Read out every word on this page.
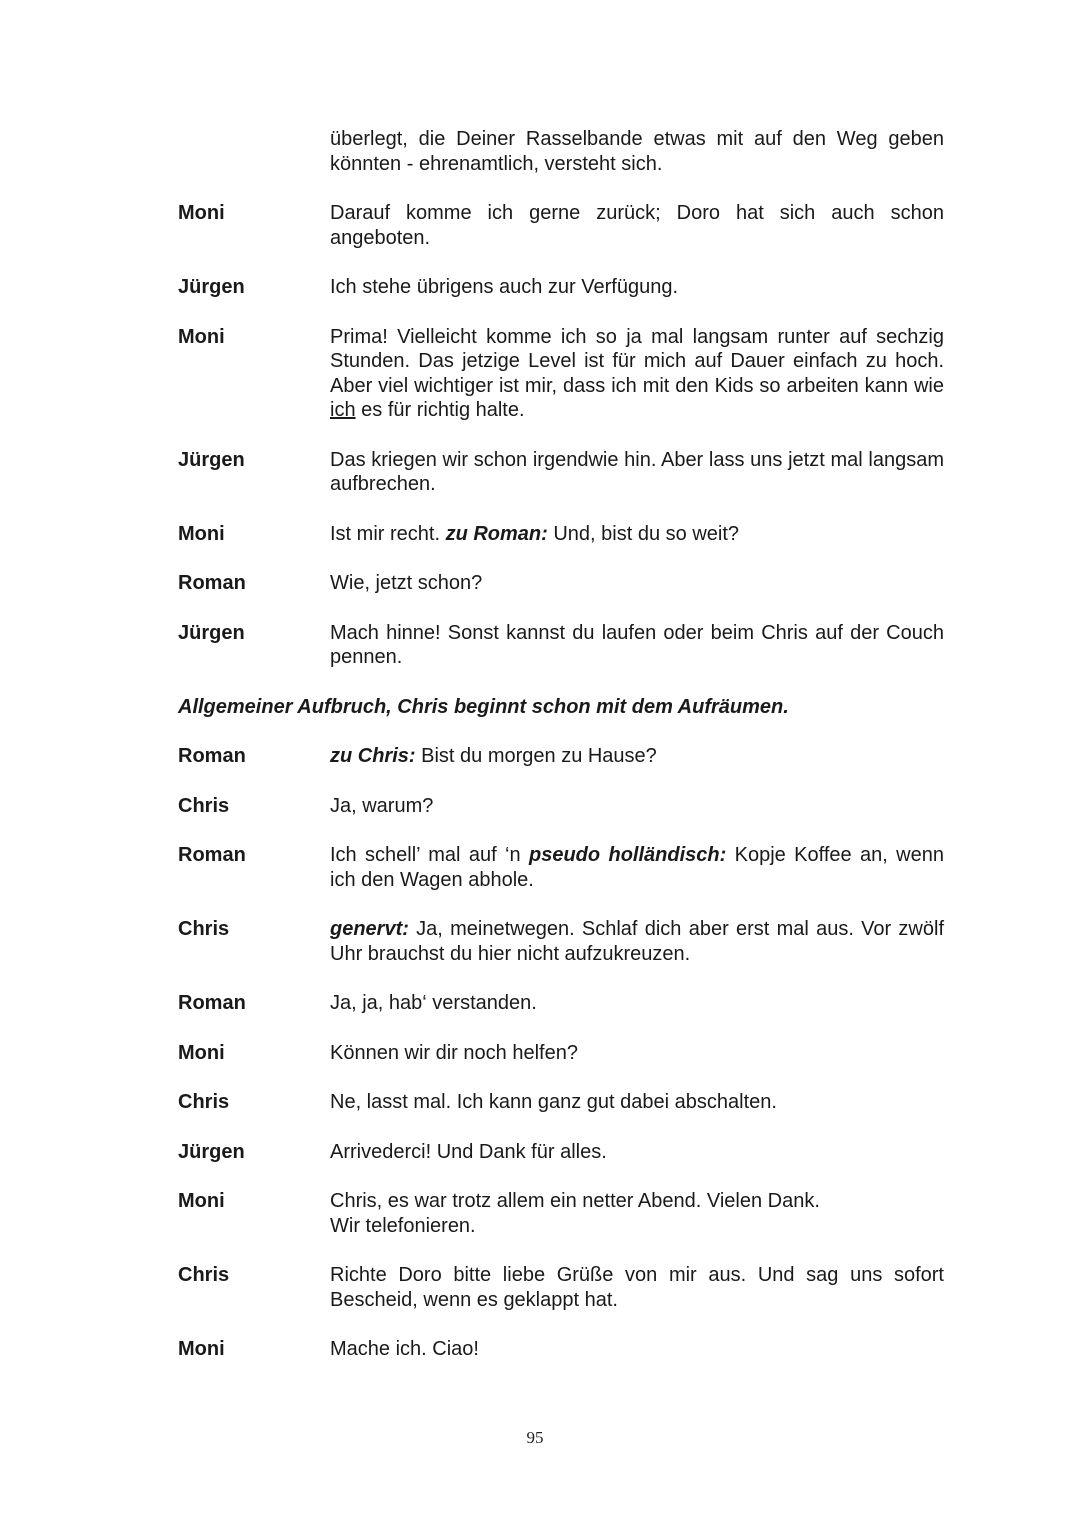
überlegt, die Deiner Rasselbande etwas mit auf den Weg geben könnten - ehrenamtlich, versteht sich.
Moni	Darauf komme ich gerne zurück; Doro hat sich auch schon angeboten.
Jürgen	Ich stehe übrigens auch zur Verfügung.
Moni	Prima! Vielleicht komme ich so ja mal langsam runter auf sechzig Stunden. Das jetzige Level ist für mich auf Dauer einfach zu hoch. Aber viel wichtiger ist mir, dass ich mit den Kids so arbeiten kann wie ich es für richtig halte.
Jürgen	Das kriegen wir schon irgendwie hin. Aber lass uns jetzt mal langsam aufbrechen.
Moni	Ist mir recht. zu Roman: Und, bist du so weit?
Roman	Wie, jetzt schon?
Jürgen	Mach hinne! Sonst kannst du laufen oder beim Chris auf der Couch pennen.
Allgemeiner Aufbruch, Chris beginnt schon mit dem Aufräumen.
Roman	zu Chris: Bist du morgen zu Hause?
Chris	Ja, warum?
Roman	Ich schell’ mal auf ‘n pseudo holländisch: Kopje Koffee an, wenn ich den Wagen abhole.
Chris	genervt: Ja, meinetwegen. Schlaf dich aber erst mal aus. Vor zwölf Uhr brauchst du hier nicht aufzukreuzen.
Roman	Ja, ja, hab‘ verstanden.
Moni	Können wir dir noch helfen?
Chris	Ne, lasst mal. Ich kann ganz gut dabei abschalten.
Jürgen	Arrivederci! Und Dank für alles.
Moni	Chris, es war trotz allem ein netter Abend. Vielen Dank.
Wir telefonieren.
Chris	Richte Doro bitte liebe Grüße von mir aus. Und sag uns sofort Bescheid, wenn es geklappt hat.
Moni	Mache ich. Ciao!
95
